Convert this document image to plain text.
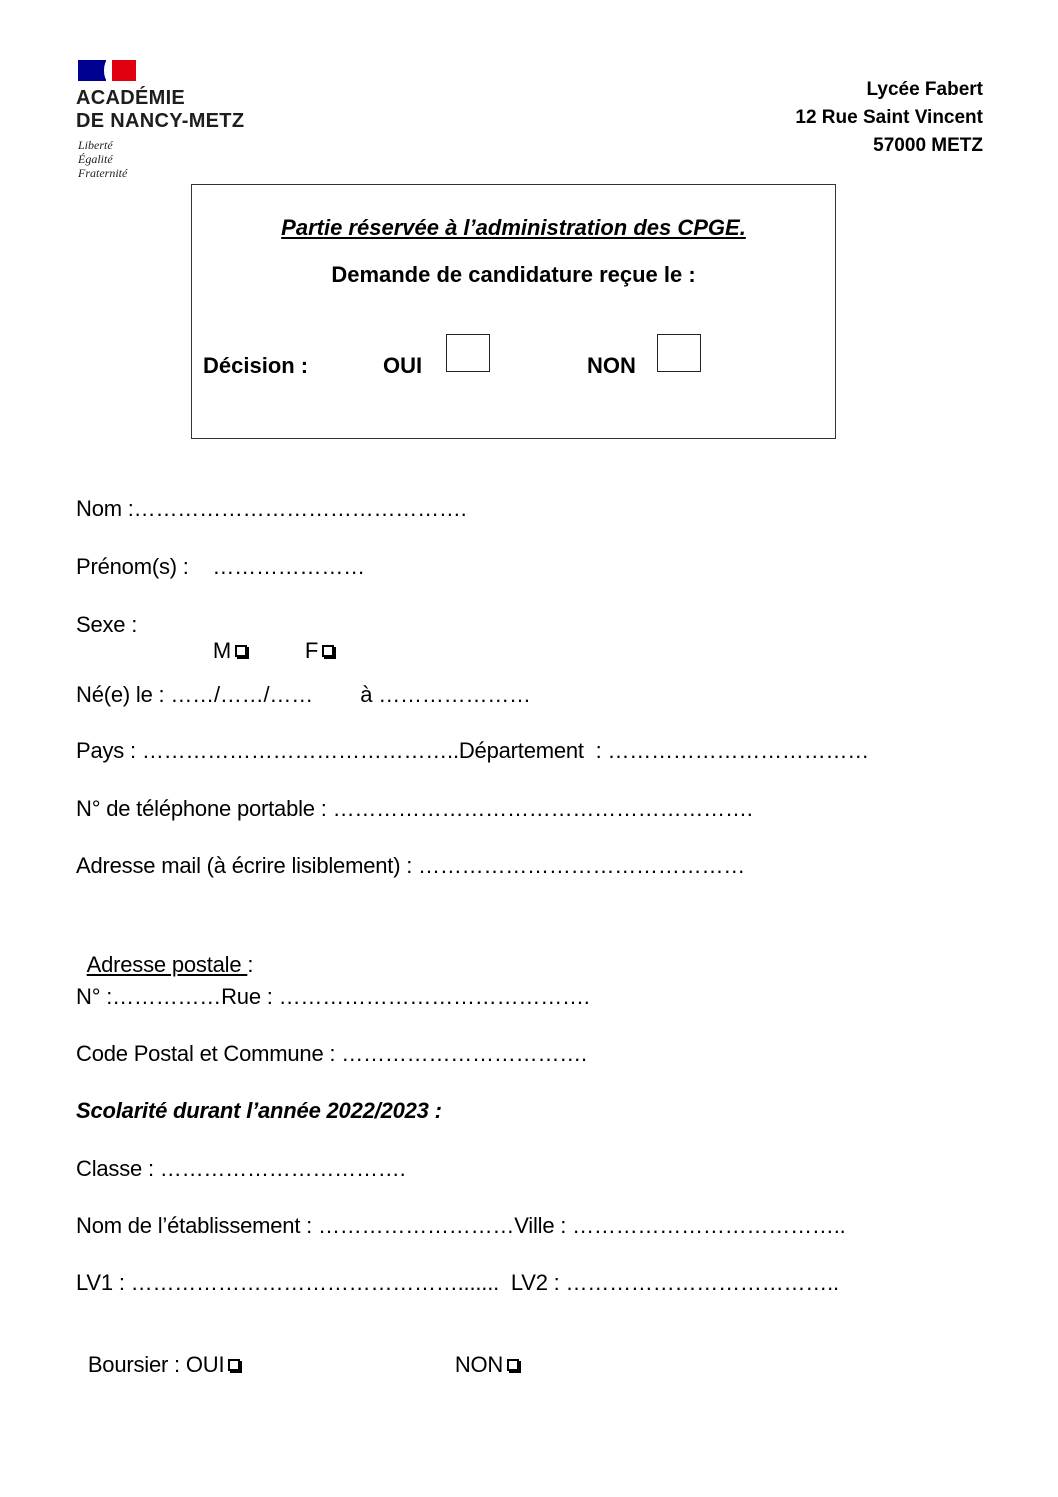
ACADÉMIE
DE NANCY-METZ
Liberté
Égalité
Fraternité
Lycée Fabert
12 Rue Saint Vincent
57000 METZ
Partie réservée à l’administration des CPGE.
Demande de candidature reçue le :
Décision :	OUI	NON
Nom :……………………………………….
Prénom(s) :    …………………
Sexe :

M	F

Né(e) le : ……/……/……        à …………………
Pays : ……………………………………..Département  : ………………………………
N° de téléphone portable : ………………………………………………….
Adresse mail (à écrire lisiblement) : ………………………………………

Adresse postale :

N° :……………Rue : …………………………………….
Code Postal et Commune : …………………………….
Scolarité durant l’année 2022/2023 :
Classe : …………………………….
Nom de l’établissement : ………………………Ville : ………………………………..
LV1 : ……………………………………….......  LV2 : ………………………………..

Boursier : OUI	NON
